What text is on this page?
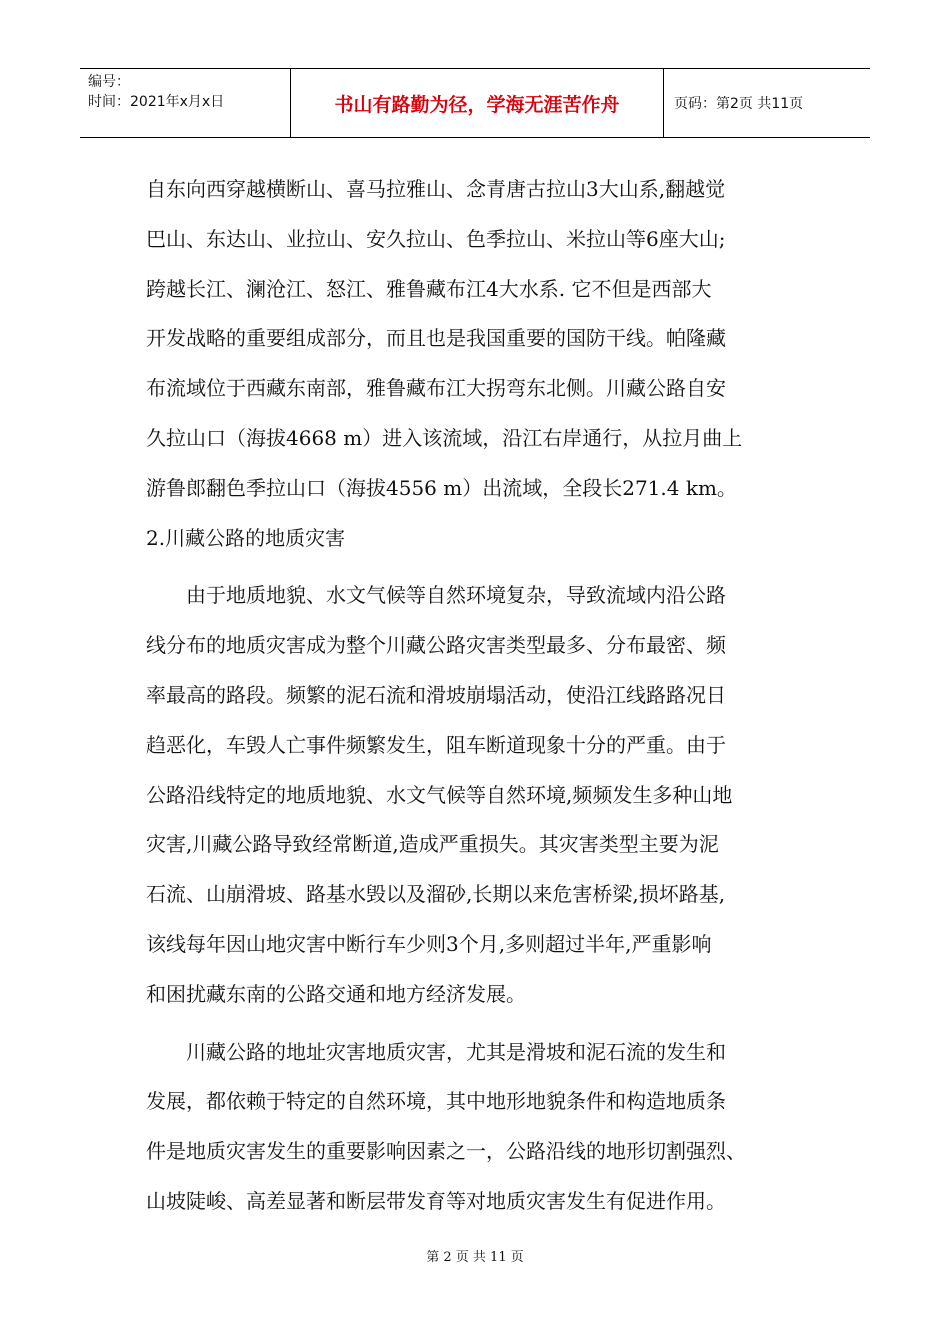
编号：
时间：2021年x月x日	书山有路勤为径，学海无涯苦作舟	页码：第2页 共11页
自东向西穿越横断山、喜马拉雅山、念青唐古拉山3大山系,翻越觉
巴山、东达山、业拉山、安久拉山、色季拉山、米拉山等6座大山;
跨越长江、澜沧江、怒江、雅鲁藏布江4大水系. 它不但是西部大
开发战略的重要组成部分，而且也是我国重要的国防干线。帕隆藏
布流域位于西藏东南部，雅鲁藏布江大拐弯东北侧。川藏公路自安
久拉山口（海拔4668 m）进入该流域，沿江右岸通行，从拉月曲上
游鲁郎翻色季拉山口（海拔4556 m）出流域，全段长271.4 km。
2.川藏公路的地质灾害
由于地质地貌、水文气候等自然环境复杂，导致流域内沿公路
线分布的地质灾害成为整个川藏公路灾害类型最多、分布最密、频
率最高的路段。频繁的泥石流和滑坡崩塌活动，使沿江线路路况日
趋恶化，车毁人亡事件频繁发生，阻车断道现象十分的严重。由于
公路沿线特定的地质地貌、水文气候等自然环境,频频发生多种山地
灾害,川藏公路导致经常断道,造成严重损失。其灾害类型主要为泥
石流、山崩滑坡、路基水毁以及溜砂,长期以来危害桥梁,损坏路基,
该线每年因山地灾害中断行车少则3个月,多则超过半年,严重影响
和困扰藏东南的公路交通和地方经济发展。
川藏公路的地址灾害地质灾害，尤其是滑坡和泥石流的发生和
发展，都依赖于特定的自然环境，其中地形地貌条件和构造地质条
件是地质灾害发生的重要影响因素之一，公路沿线的地形切割强烈、
山坡陡峻、高差显著和断层带发育等对地质灾害发生有促进作用。
第 2 页 共 11 页
